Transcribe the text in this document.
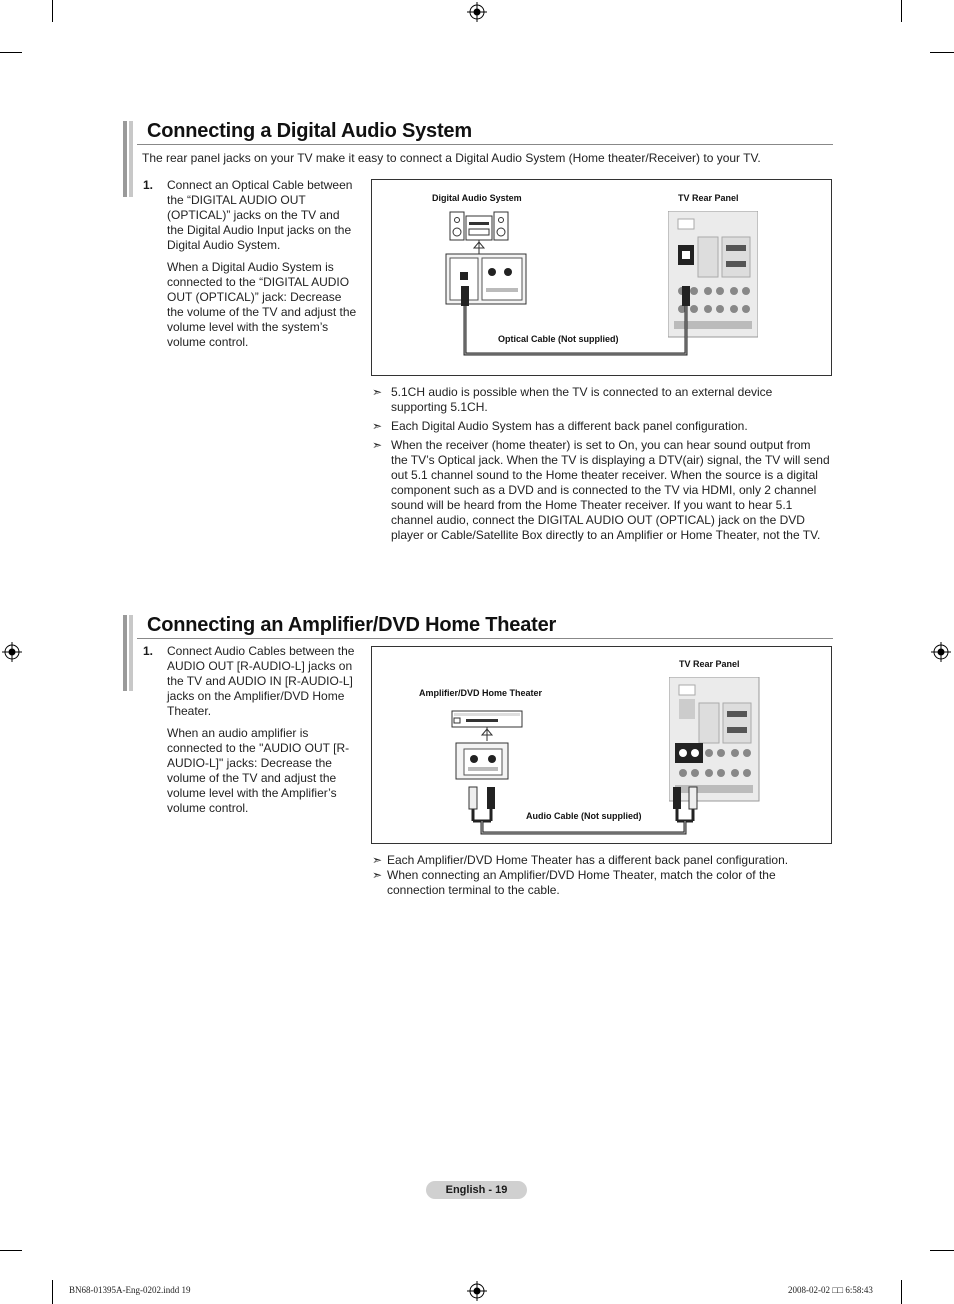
Connecting a Digital Audio System
The rear panel jacks on your TV make it easy to connect a Digital Audio System (Home theater/Receiver) to your TV.
1. Connect an Optical Cable between the “DIGITAL AUDIO OUT (OPTICAL)” jacks on the TV and the Digital Audio Input jacks on the Digital Audio System.

When a Digital Audio System is connected to the “DIGITAL AUDIO OUT (OPTICAL)” jack: Decrease the volume of the TV and adjust the volume level with the system’s volume control.

Digital Audio System	TV Rear Panel
Optical Cable (Not supplied)
➣ 5.1CH audio is possible when the TV is connected to an external device supporting 5.1CH.
➣ Each Digital Audio System has a different back panel configuration.
➣ When the receiver (home theater) is set to On, you can hear sound output from the TV’s Optical jack. When the TV is displaying a DTV(air) signal, the TV will send out 5.1 channel sound to the Home theater receiver. When the source is a digital component such as a DVD and is connected to the TV via HDMI, only 2 channel sound will be heard from the Home Theater receiver. If you want to hear 5.1 channel audio, connect the DIGITAL AUDIO OUT (OPTICAL) jack on the DVD player or Cable/Satellite Box directly to an Amplifier or Home Theater, not the TV.
Connecting an Amplifier/DVD Home Theater
1. Connect Audio Cables between the AUDIO OUT [R-AUDIO-L] jacks on the TV and AUDIO IN [R-AUDIO-L] jacks on the Amplifier/DVD Home Theater.

When an audio amplifier is connected to the "AUDIO OUT [R-AUDIO-L]" jacks: Decrease the volume of the TV and adjust the volume level with the Amplifier’s volume control.

TV Rear Panel
Amplifier/DVD Home Theater
Audio Cable (Not supplied)
➣ Each Amplifier/DVD Home Theater has a different back panel configuration.
➣ When connecting an Amplifier/DVD Home Theater, match the color of the connection terminal to the cable.
English - 19
BN68-01395A-Eng-0202.indd 19	2008-02-02 □□ 6:58:43
